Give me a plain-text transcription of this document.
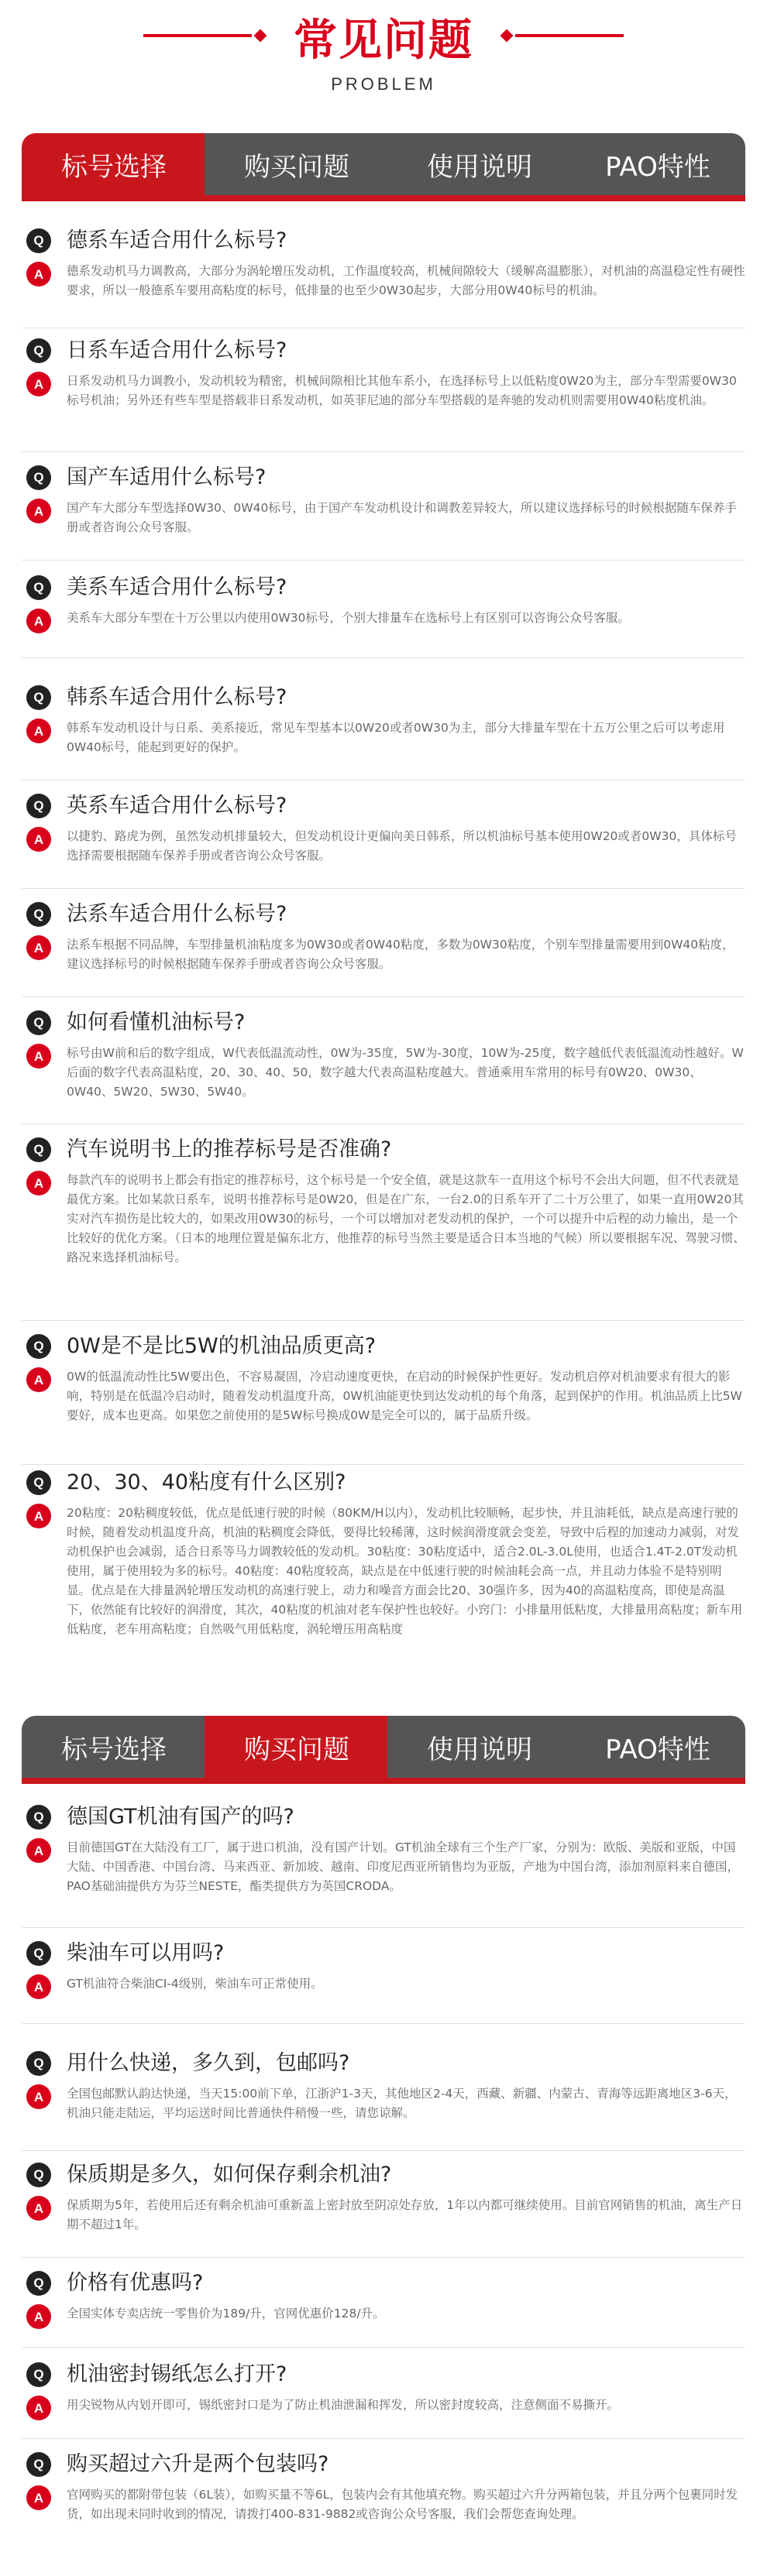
常见问题
PROBLEM
标号选择	购买问题	使用说明	PAO特性
Q	德系车适合用什么标号?
A	德系发动机马力调教高，大部分为涡轮增压发动机，工作温度较高，机械间隙较大（缓解高温膨胀），对机油的高温稳定性有硬性要求，所以一般德系车要用高粘度的标号，低排量的也至少0W30起步，大部分用0W40标号的机油。
Q	日系车适合用什么标号?
A	日系发动机马力调教小，发动机较为精密，机械间隙相比其他车系小，在选择标号上以低粘度0W20为主，部分车型需要0W30标号机油；另外还有些车型是搭载非日系发动机，如英菲尼迪的部分车型搭载的是奔驰的发动机则需要用0W40粘度机油。
Q	国产车适用什么标号?
A	国产车大部分车型选择0W30、0W40标号，由于国产车发动机设计和调教差异较大，所以建议选择标号的时候根据随车保养手册或者咨询公众号客服。
Q	美系车适合用什么标号?
A	美系车大部分车型在十万公里以内使用0W30标号，个别大排量车在选标号上有区别可以咨询公众号客服。
Q	韩系车适合用什么标号?
A	韩系车发动机设计与日系、美系接近，常见车型基本以0W20或者0W30为主，部分大排量车型在十五万公里之后可以考虑用0W40标号，能起到更好的保护。
Q	英系车适合用什么标号?
A	以捷豹、路虎为例，虽然发动机排量较大，但发动机设计更偏向美日韩系，所以机油标号基本使用0W20或者0W30，具体标号选择需要根据随车保养手册或者咨询公众号客服。
Q	法系车适合用什么标号?
A	法系车根据不同品牌，车型排量机油粘度多为0W30或者0W40粘度，多数为0W30粘度，个别车型排量需要用到0W40粘度，建议选择标号的时候根据随车保养手册或者咨询公众号客服。
Q	如何看懂机油标号?
A	标号由W前和后的数字组成，W代表低温流动性，0W为-35度，5W为-30度，10W为-25度，数字越低代表低温流动性越好。W后面的数字代表高温粘度，20、30、40、50，数字越大代表高温粘度越大。普通乘用车常用的标号有0W20、0W30、0W40、5W20、5W30、5W40。
Q	汽车说明书上的推荐标号是否准确?
A	每款汽车的说明书上都会有指定的推荐标号，这个标号是一个安全值，就是这款车一直用这个标号不会出大问题，但不代表就是最优方案。比如某款日系车，说明书推荐标号是0W20，但是在广东，一台2.0的日系车开了二十万公里了，如果一直用0W20其实对汽车损伤是比较大的，如果改用0W30的标号，一个可以增加对老发动机的保护，一个可以提升中后程的动力输出，是一个比较好的优化方案。（日本的地理位置是偏东北方，他推荐的标号当然主要是适合日本当地的气候）所以要根据车况、驾驶习惯、路况来选择机油标号。
Q	0W是不是比5W的机油品质更高?
A	0W的低温流动性比5W要出色，不容易凝固，冷启动速度更快，在启动的时候保护性更好。发动机启停对机油要求有很大的影响，特别是在低温冷启动时，随着发动机温度升高，0W机油能更快到达发动机的每个角落，起到保护的作用。机油品质上比5W要好，成本也更高。如果您之前使用的是5W标号换成0W是完全可以的，属于品质升级。
Q	20、30、40粘度有什么区别?
A	20粘度：20粘稠度较低，优点是低速行驶的时候（80KM/H以内），发动机比较顺畅，起步快，并且油耗低，缺点是高速行驶的时候，随着发动机温度升高，机油的粘稠度会降低，要得比较稀薄，这时候润滑度就会变差，导致中后程的加速动力减弱，对发动机保护也会减弱，适合日系等马力调教较低的发动机。30粘度：30粘度适中，适合2.0L-3.0L使用，也适合1.4T-2.0T发动机使用，属于使用较为多的标号。40粘度：40粘度较高，缺点是在中低速行驶的时候油耗会高一点，并且动力体验不是特别明显。优点是在大排量涡轮增压发动机的高速行驶上，动力和噪音方面会比20、30强许多，因为40的高温粘度高，即使是高温下，依然能有比较好的润滑度，其次，40粘度的机油对老车保护性也较好。小窍门：小排量用低粘度，大排量用高粘度；新车用低粘度，老车用高粘度；自然吸气用低粘度，涡轮增压用高粘度
标号选择	购买问题	使用说明	PAO特性
Q	德国GT机油有国产的吗?
A	目前德国GT在大陆没有工厂，属于进口机油，没有国产计划。GT机油全球有三个生产厂家，分别为：欧版、美版和亚版，中国大陆、中国香港、中国台湾、马来西亚、新加坡、越南、印度尼西亚所销售均为亚版，产地为中国台湾，添加剂原料来自德国，PAO基础油提供方为芬兰NESTE，酯类提供方为英国CRODA。
Q	柴油车可以用吗?
A	GT机油符合柴油CI-4级别，柴油车可正常使用。
Q	用什么快递，多久到，包邮吗?
A	全国包邮默认韵达快递，当天15:00前下单，江浙沪1-3天，其他地区2-4天，西藏、新疆、内蒙古、青海等远距离地区3-6天，机油只能走陆运，平均运送时间比普通快件稍慢一些，请您谅解。
Q	保质期是多久，如何保存剩余机油?
A	保质期为5年，若使用后还有剩余机油可重新盖上密封放至阴凉处存放，1年以内都可继续使用。目前官网销售的机油，离生产日期不超过1年。
Q	价格有优惠吗?
A	全国实体专卖店统一零售价为189/升，官网优惠价128/升。
Q	机油密封锡纸怎么打开?
A	用尖锐物从内划开即可，锡纸密封口是为了防止机油泄漏和挥发，所以密封度较高，注意侧面不易撕开。
Q	购买超过六升是两个包装吗?
A	官网购买的都附带包装（6L装），如购买量不等6L，包装内会有其他填充物。购买超过六升分两箱包装，并且分两个包裹同时发货，如出现未同时收到的情况，请拨打400-831-9882或咨询公众号客服，我们会帮您查询处理。
